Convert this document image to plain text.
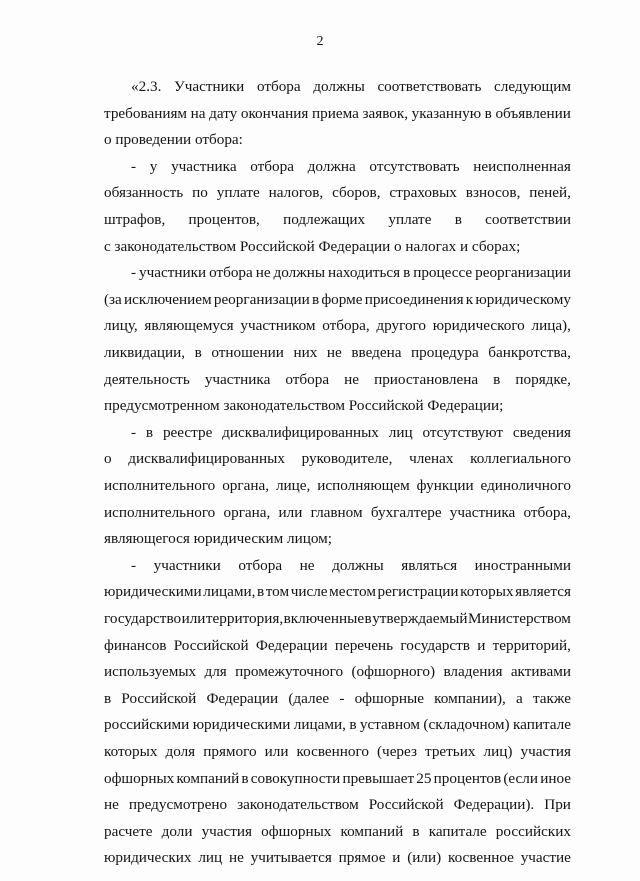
2
«2.3. Участники отбора должны соответствовать следующим
требованиям на дату окончания приема заявок, указанную в объявлении
о проведении отбора:
- у участника отбора должна отсутствовать неисполненная
обязанность по уплате налогов, сборов, страховых взносов, пеней,
штрафов, процентов, подлежащих уплате в соответствии
с законодательством Российской Федерации о налогах и сборах;
- участники отбора не должны находиться в процессе реорганизации
(за исключением реорганизации в форме присоединения к юридическому
лицу, являющемуся участником отбора, другого юридического лица),
ликвидации, в отношении них не введена процедура банкротства,
деятельность участника отбора не приостановлена в порядке,
предусмотренном законодательством Российской Федерации;
- в реестре дисквалифицированных лиц отсутствуют сведения
о дисквалифицированных руководителе, членах коллегиального
исполнительного органа, лице, исполняющем функции единоличного
исполнительного органа, или главном бухгалтере участника отбора,
являющегося юридическим лицом;
- участники отбора не должны являться иностранными
юридическими лицами, в том числе местом регистрации которых является
государство или территория, включенные в утверждаемый Министерством
финансов Российской Федерации перечень государств и территорий,
используемых для промежуточного (офшорного) владения активами
в Российской Федерации (далее - офшорные компании), а также
российскими юридическими лицами, в уставном (складочном) капитале
которых доля прямого или косвенного (через третьих лиц) участия
офшорных компаний в совокупности превышает 25 процентов (если иное
не предусмотрено законодательством Российской Федерации). При
расчете доли участия офшорных компаний в капитале российских
юридических лиц не учитывается прямое и (или) косвенное участие
